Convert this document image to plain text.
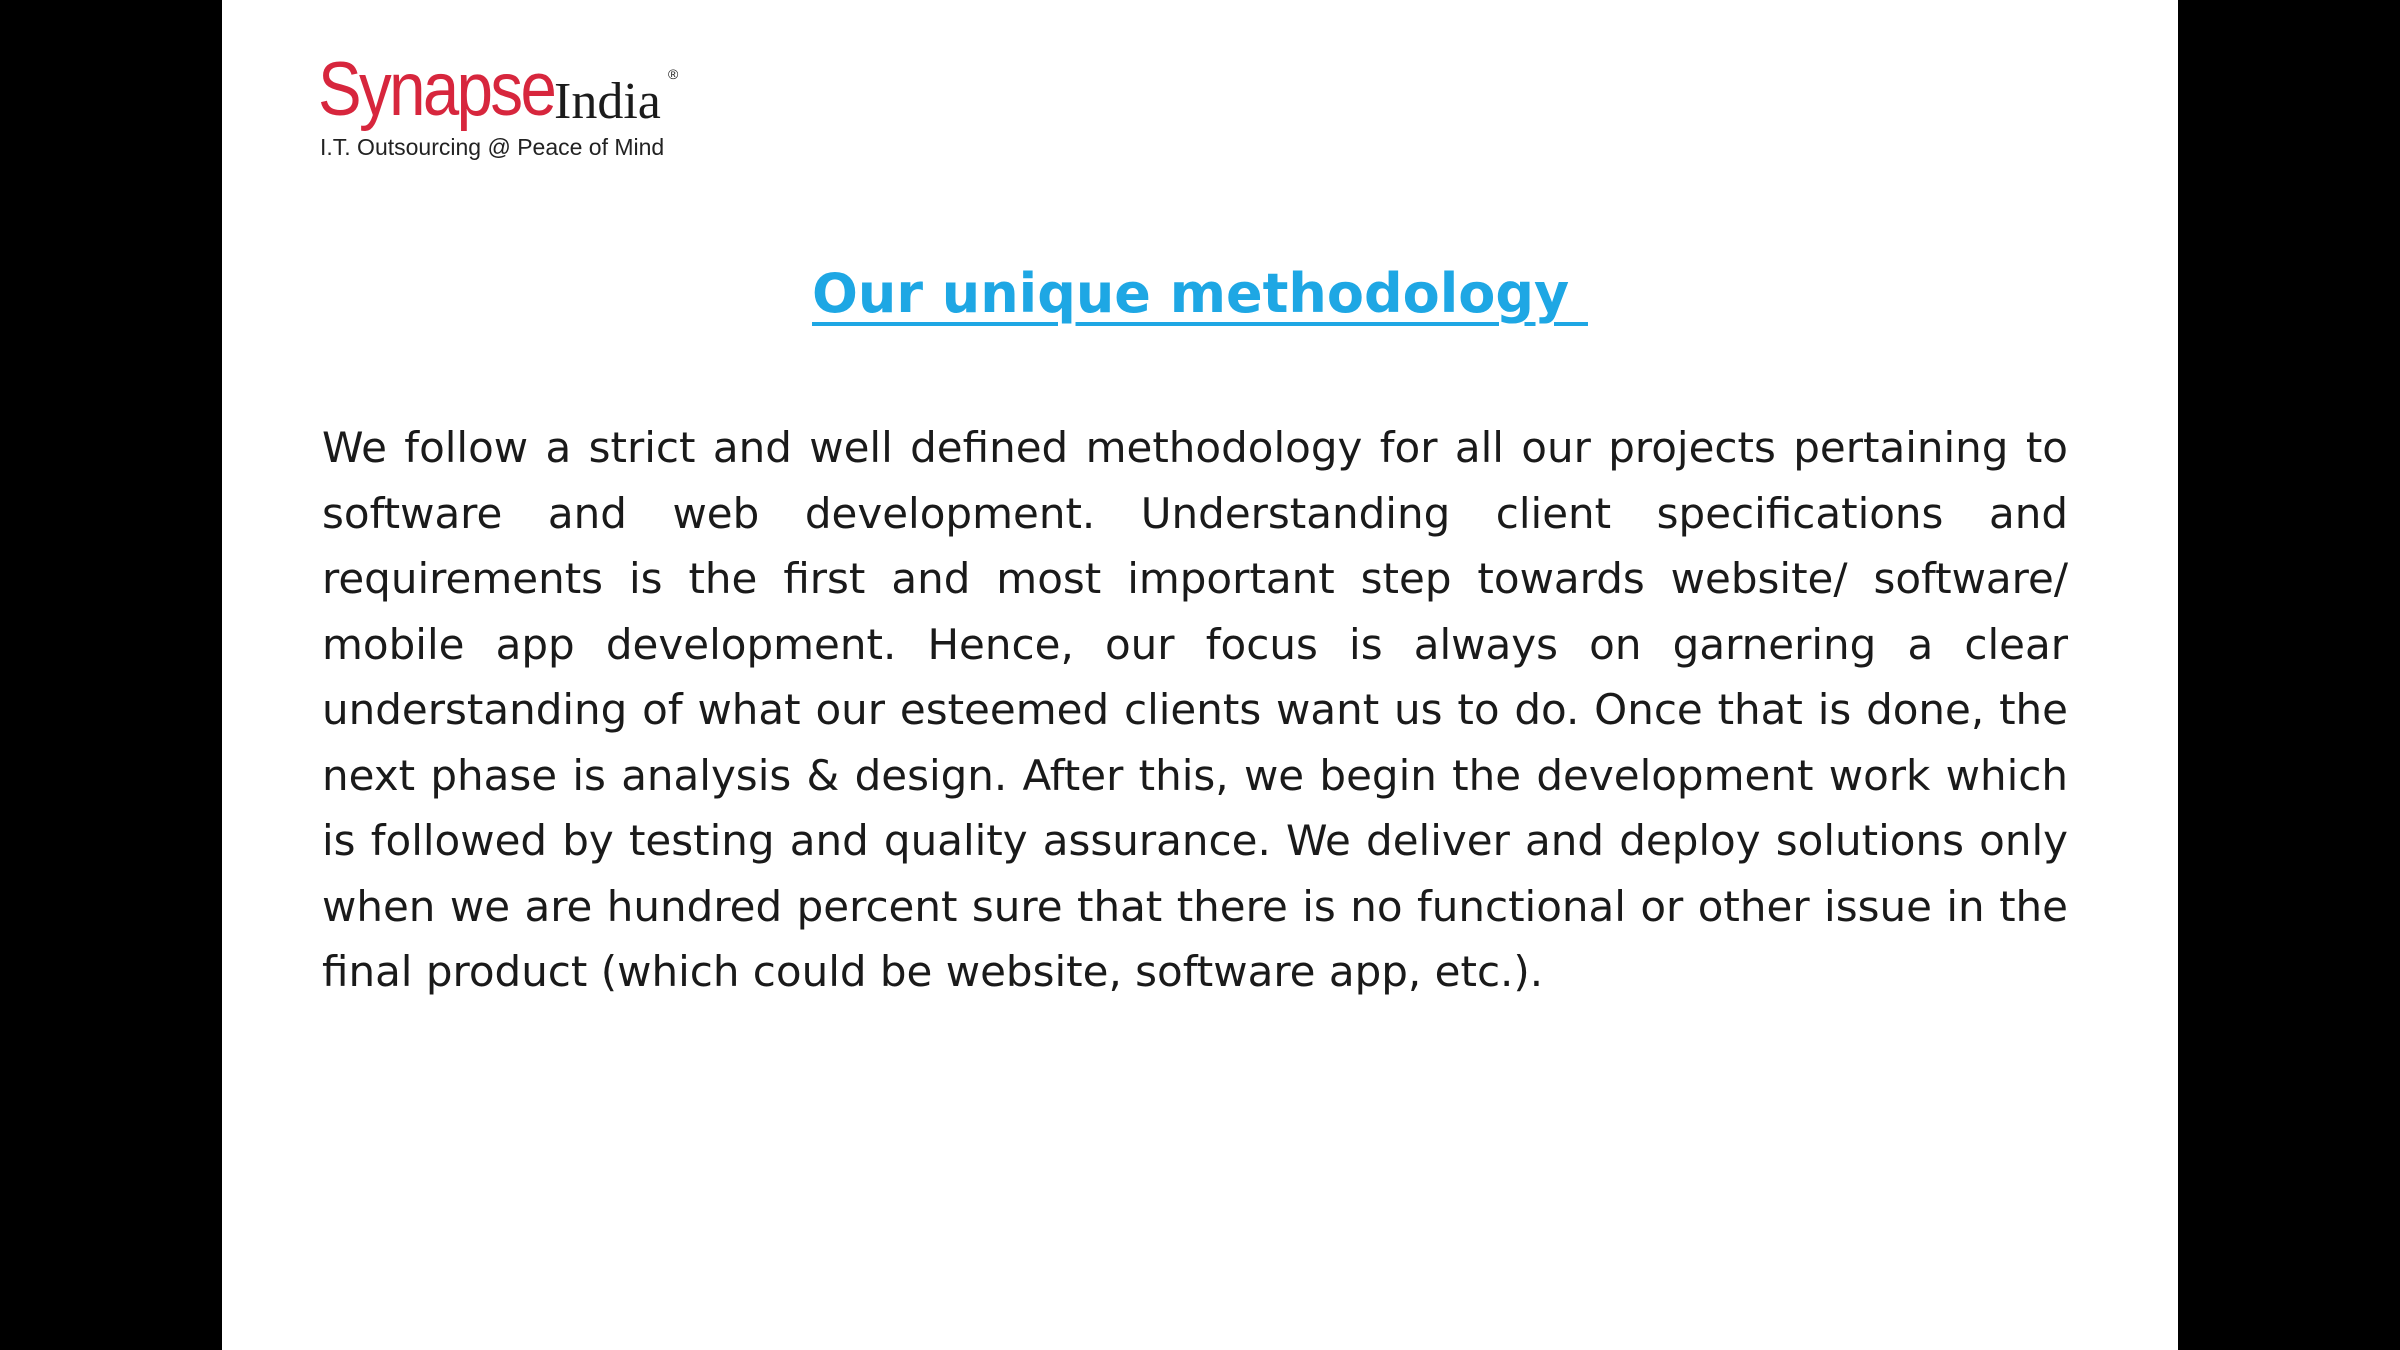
Synapse India ®
I.T. Outsourcing @ Peace of Mind
Our unique methodology

We follow a strict and well defined methodology for all our projects pertaining to software and web development. Understanding client specifications and requirements is the first and most important step towards website/ software/ mobile app development. Hence, our focus is always on garnering a clear understanding of what our esteemed clients want us to do. Once that is done, the next phase is analysis & design. After this, we begin the development work which is followed by testing and quality assurance. We deliver and deploy solutions only when we are hundred percent sure that there is no functional or other issue in the final product (which could be website, software app, etc.).
